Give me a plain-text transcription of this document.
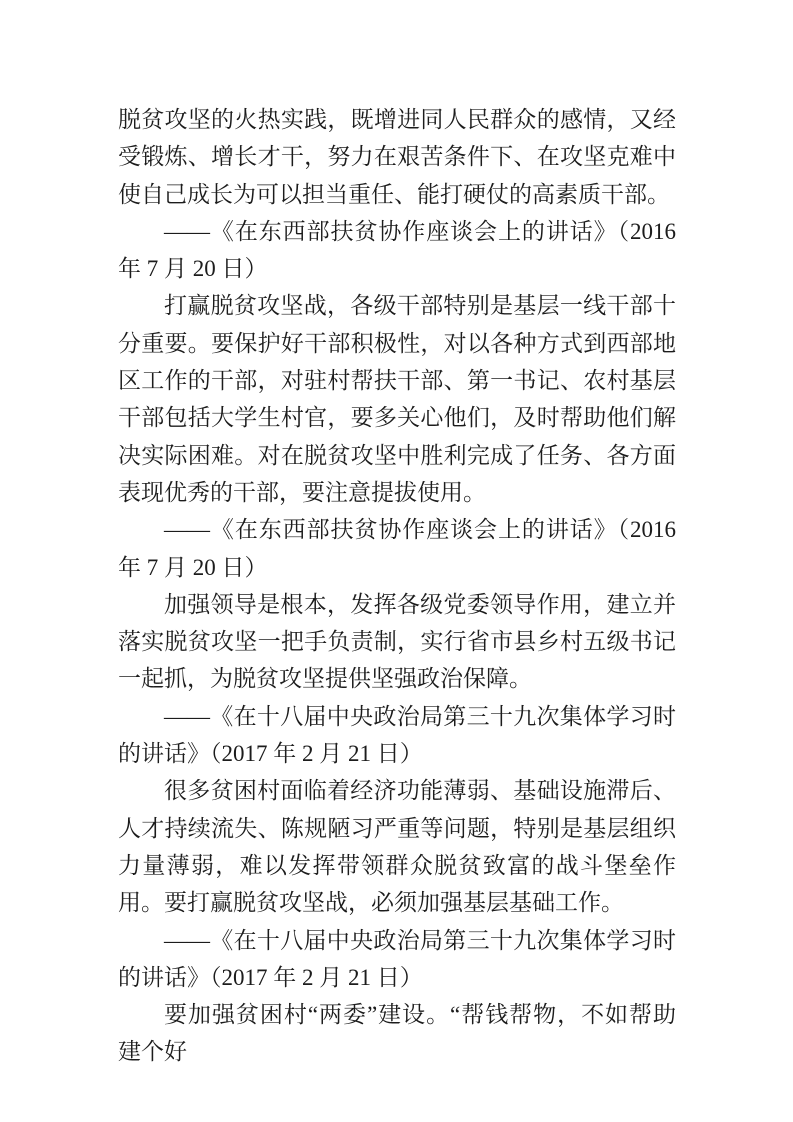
脱贫攻坚的火热实践，既增进同人民群众的感情，又经受锻炼、增长才干，努力在艰苦条件下、在攻坚克难中使自己成长为可以担当重任、能打硬仗的高素质干部。

——《在东西部扶贫协作座谈会上的讲话》（2016 年 7 月 20 日）

打赢脱贫攻坚战，各级干部特别是基层一线干部十分重要。要保护好干部积极性，对以各种方式到西部地区工作的干部，对驻村帮扶干部、第一书记、农村基层干部包括大学生村官，要多关心他们，及时帮助他们解决实际困难。对在脱贫攻坚中胜利完成了任务、各方面表现优秀的干部，要注意提拔使用。

——《在东西部扶贫协作座谈会上的讲话》（2016 年 7 月 20 日）

加强领导是根本，发挥各级党委领导作用，建立并落实脱贫攻坚一把手负责制，实行省市县乡村五级书记一起抓，为脱贫攻坚提供坚强政治保障。

——《在十八届中央政治局第三十九次集体学习时的讲话》（2017 年 2 月 21 日）

很多贫困村面临着经济功能薄弱、基础设施滞后、人才持续流失、陈规陋习严重等问题，特别是基层组织力量薄弱，难以发挥带领群众脱贫致富的战斗堡垒作用。要打赢脱贫攻坚战，必须加强基层基础工作。

——《在十八届中央政治局第三十九次集体学习时的讲话》（2017 年 2 月 21 日）

要加强贫困村“两委”建设。“帮钱帮物，不如帮助建个好
